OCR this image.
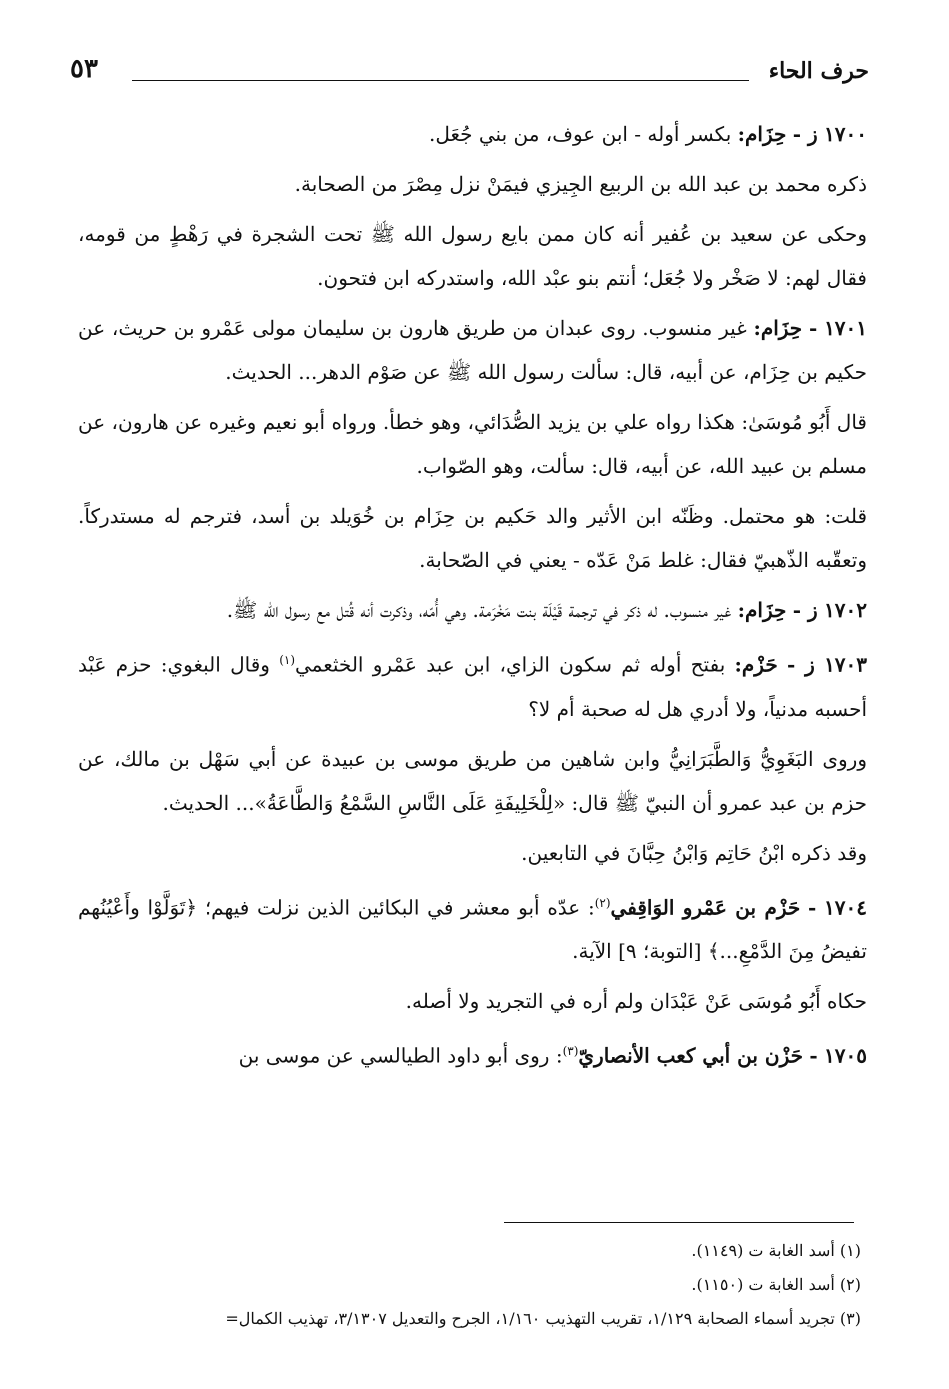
حرف الحاء
٥٣

١٧٠٠ ز - حِزَام: بكسر أوله - ابن عوف، من بني جُعَل.

ذكره محمد بن عبد الله بن الربيع الجِيزي فيمَنْ نزل مِصْرَ من الصحابة.

وحكى عن سعيد بن عُفير أنه كان ممن بايع رسول الله ﷺ تحت الشجرة في رَهْطٍ من قومه، فقال لهم: لا صَخْر ولا جُعَل؛ أنتم بنو عبْد الله، واستدركه ابن فتحون.

١٧٠١ - حِزَام: غير منسوب. روى عبدان من طريق هارون بن سليمان مولى عَمْرو بن حريث، عن حكيم بن حِزَام، عن أبيه، قال: سألت رسول الله ﷺ عن صَوْم الدهر... الحديث.

قال أَبُو مُوسَىٰ: هكذا رواه علي بن يزيد الصُّدَائي، وهو خطأ. ورواه أبو نعيم وغيره عن هارون، عن مسلم بن عبيد الله، عن أبيه، قال: سألت، وهو الصّواب.

قلت: هو محتمل. وظَنّه ابن الأثير والد حَكيم بن حِزَام بن خُوَيلد بن أسد، فترجم له مستدركاً. وتعقّبه الذّهبيّ فقال: غلط مَنْ عَدّه - يعني في الصّحابة.

١٧٠٢ ز - حِزَام: غير منسوب. له ذكر في ترجمة قَيْلَة بنت مَخْرَمة. وهي أُمّه، وذكرت أنه قُتل مع رسول الله ﷺ.

١٧٠٣ ز - حَزْم: بفتح أوله ثم سكون الزاي، ابن عبد عَمْرو الخثعمي$^{(١)}$ وقال البغوي: حزم عَبْد أحسبه مدنياً، ولا أدري هل له صحبة أم لا؟

وروى البَغَوِيُّ وَالطَّبَرَانِيُّ وابن شاهين من طريق موسى بن عبيدة عن أبي سَهْل بن مالك، عن حزم بن عبد عمرو أن النبيّ ﷺ قال: «لِلْخَلِيفَةِ عَلَى النَّاسِ السَّمْعُ وَالطَّاعَةُ»... الحديث.

وقد ذكره ابْنُ حَاتِم وَابْنُ حِبَّانَ في التابعين.

١٧٠٤ - حَزْم بن عَمْرو الوَاقِفي$^{(٢)}$: عدّه أبو معشر في البكائين الذين نزلت فيهم؛ ﴿تَوَلَّوْا وأَعْيُنُهم تفيضُ مِنَ الدَّمْعِ...﴾ [التوبة؛ ٩] الآية.

حكاه أَبُو مُوسَى عَنْ عَبْدَان ولم أره في التجريد ولا أصله.

١٧٠٥ - حَزْن بن أبي كعب الأنصاريّ$^{(٣)}$: روى أبو داود الطيالسي عن موسى بن

(١) أسد الغابة ت (١١٤٩).

(٢) أسد الغابة ت (١١٥٠).

(٣) تجريد أسماء الصحابة ١/١٢٩، تقريب التهذيب ١/١٦٠، الجرح والتعديل ٣/١٣٠٧، تهذيب الكمال=
